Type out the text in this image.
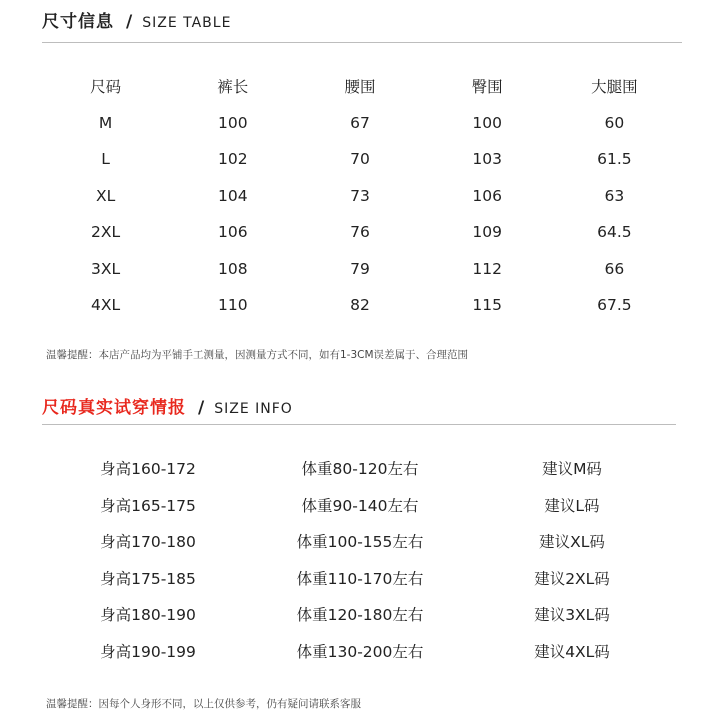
尺寸信息 / SIZE TABLE
尺码	裤长	腰围	臀围	大腿围
M	100	67	100	60
L	102	70	103	61.5
XL	104	73	106	63
2XL	106	76	109	64.5
3XL	108	79	112	66
4XL	110	82	115	67.5
温馨提醒：本店产品均为平铺手工测量，因测量方式不同，如有1-3CM误差属于、合理范围
尺码真实试穿情报 / SIZE INFO
身高160-172	体重80-120左右	建议M码
身高165-175	体重90-140左右	建议L码
身高170-180	体重100-155左右	建议XL码
身高175-185	体重110-170左右	建议2XL码
身高180-190	体重120-180左右	建议3XL码
身高190-199	体重130-200左右	建议4XL码
温馨提醒：因每个人身形不同，以上仅供参考，仍有疑问请联系客服
